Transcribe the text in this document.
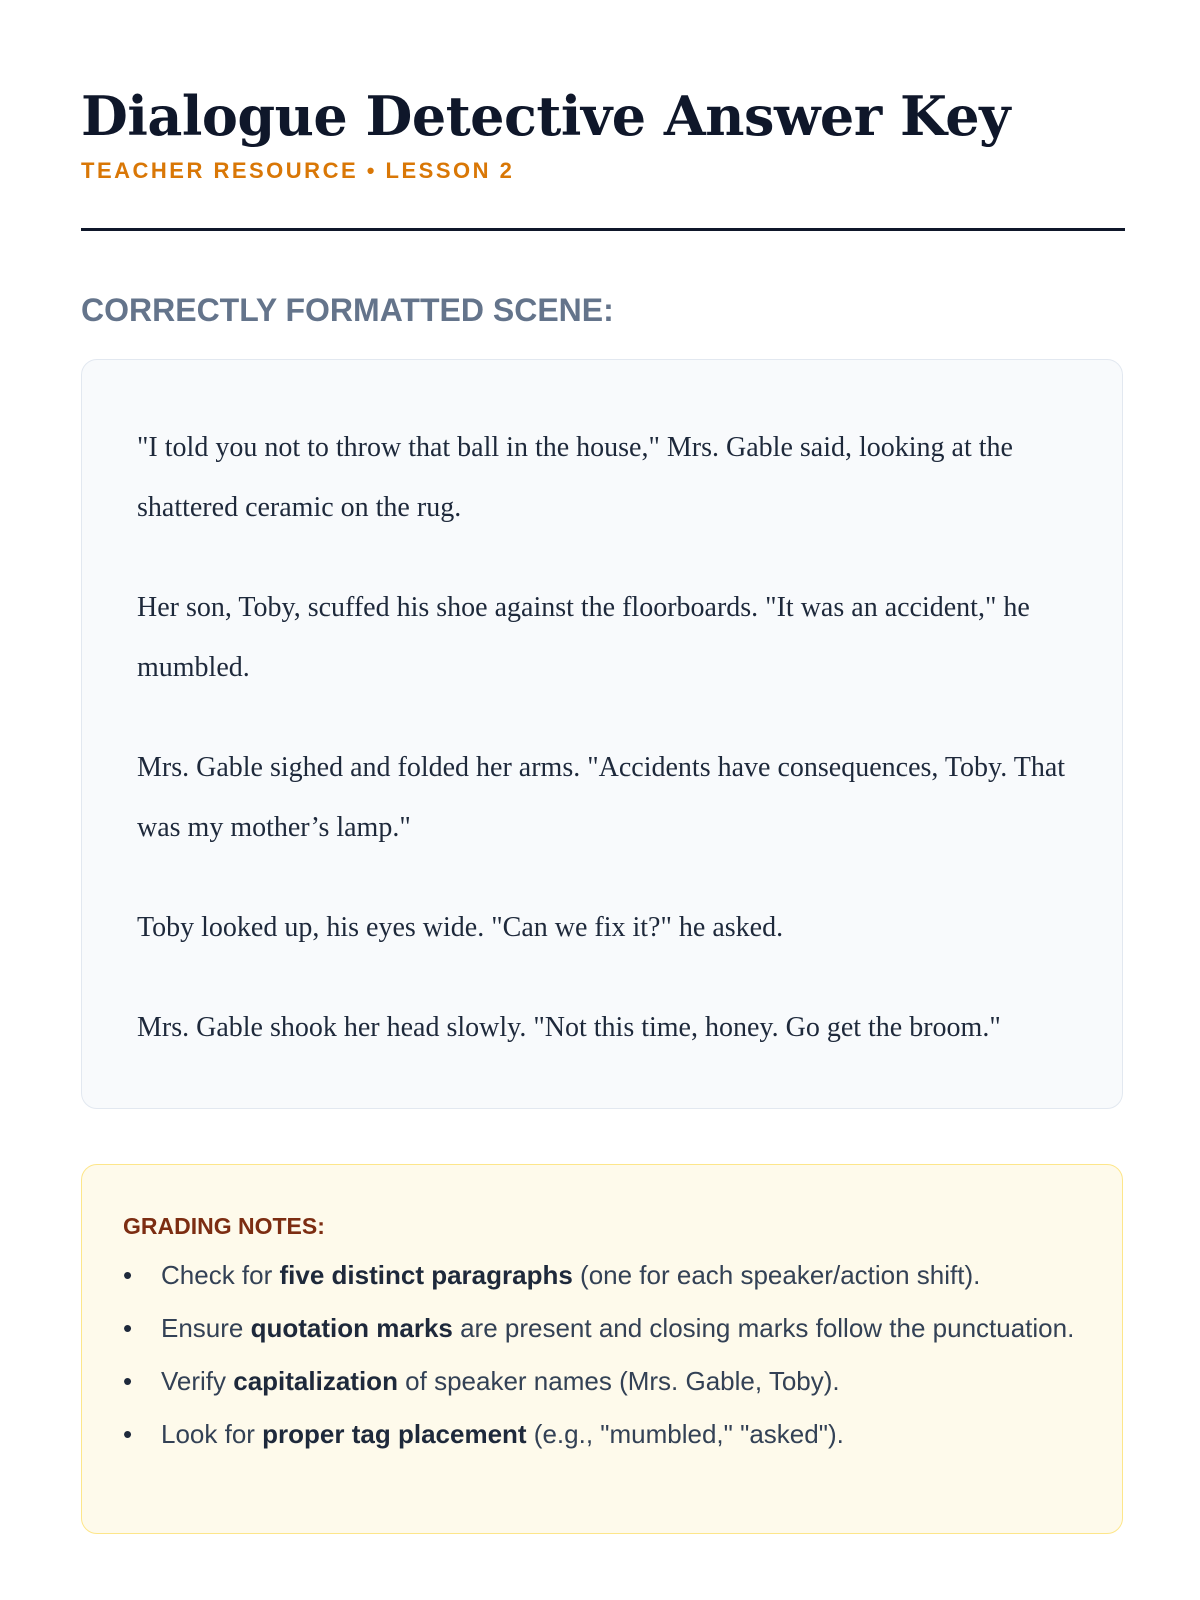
Dialogue Detective Answer Key
TEACHER RESOURCE • LESSON 2
CORRECTLY FORMATTED SCENE:

"I told you not to throw that ball in the house," Mrs. Gable said, looking at the shattered ceramic on the rug.

Her son, Toby, scuffed his shoe against the floorboards. "It was an accident," he mumbled.

Mrs. Gable sighed and folded her arms. "Accidents have consequences, Toby. That was my mother’s lamp."

Toby looked up, his eyes wide. "Can we fix it?" he asked.

Mrs. Gable shook her head slowly. "Not this time, honey. Go get the broom."

GRADING NOTES:
• Check for five distinct paragraphs (one for each speaker/action shift).
• Ensure quotation marks are present and closing marks follow the punctuation.
• Verify capitalization of speaker names (Mrs. Gable, Toby).
• Look for proper tag placement (e.g., "mumbled," "asked").
